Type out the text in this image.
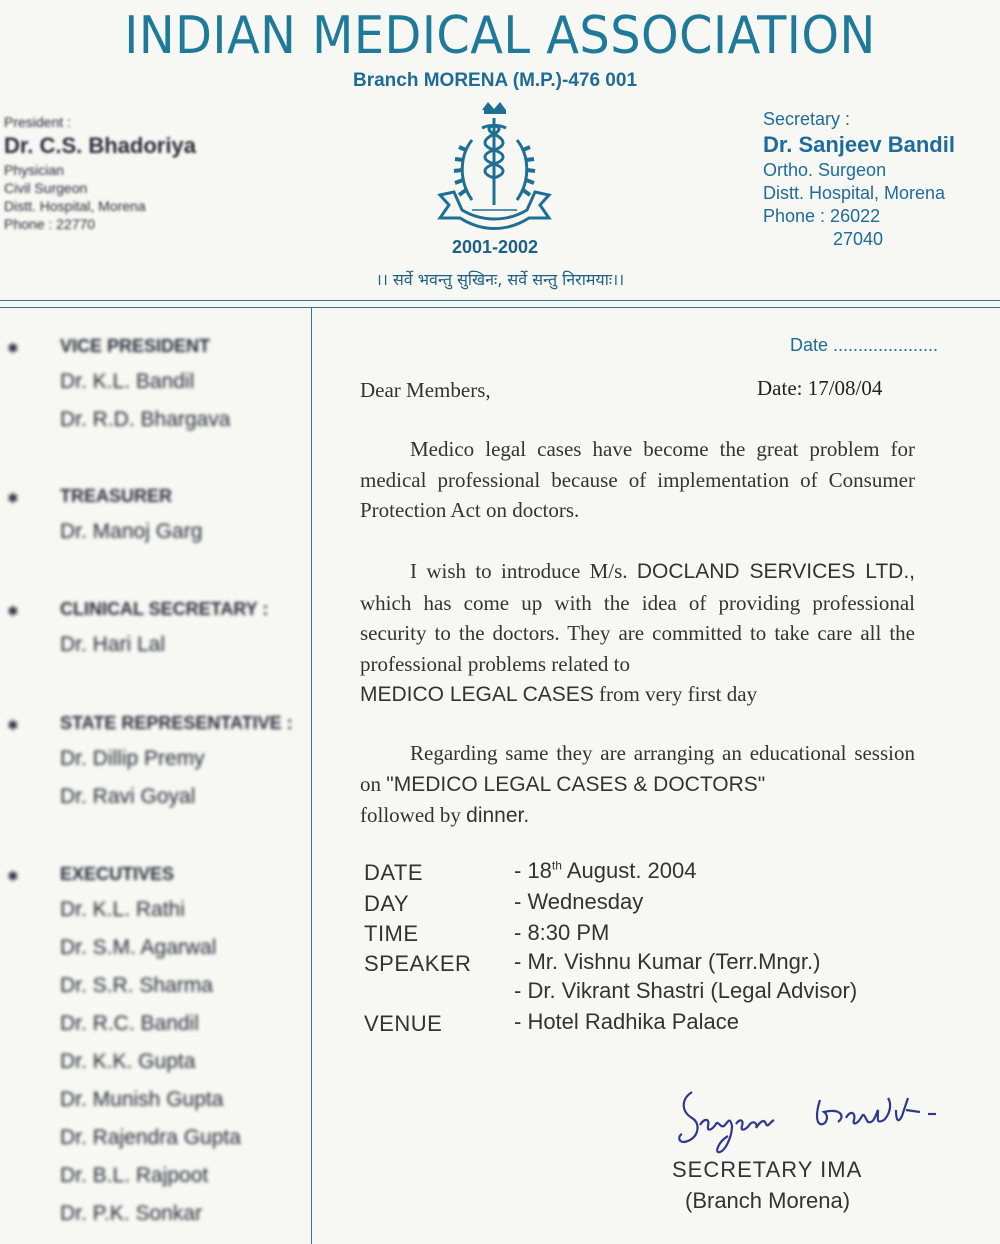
INDIAN MEDICAL ASSOCIATION
Branch MORENA (M.P.)-476 001
President :
Dr. C.S. Bhadoriya
Physician
Civil Surgeon
Distt. Hospital, Morena
Phone : 22770
2001-2002
।। सर्वे भवन्तु सुखिनः, सर्वे सन्तु निरामयाः।।
Secretary :
Dr. Sanjeev Bandil
Ortho. Surgeon
Distt. Hospital, Morena
Phone : 26022
27040
✱ VICE PRESIDENT
Dr. K.L. Bandil
Dr. R.D. Bhargava
✱ TREASURER
Dr. Manoj Garg
✱ CLINICAL SECRETARY :
Dr. Hari Lal
✱ STATE REPRESENTATIVE :
Dr. Dillip Premy
Dr. Ravi Goyal
✱ EXECUTIVES
Dr. K.L. Rathi
Dr. S.M. Agarwal
Dr. S.R. Sharma
Dr. R.C. Bandil
Dr. K.K. Gupta
Dr. Munish Gupta
Dr. Rajendra Gupta
Dr. B.L. Rajpoot
Dr. P.K. Sonkar
Date .....................
Dear Members,	Date: 17/08/04
Medico legal cases have become the great problem for medical professional because of implementation of Consumer Protection Act on doctors.
I wish to introduce M/s. DOCLAND SERVICES LTD., which has come up with the idea of providing professional security to the doctors. They are committed to take care all the professional problems related to
MEDICO LEGAL CASES from very first day
Regarding same they are arranging an educational session on "MEDICO LEGAL CASES & DOCTORS"
followed by dinner.
DATE	- 18th August. 2004
DAY	- Wednesday
TIME	- 8:30 PM
SPEAKER - Mr. Vishnu Kumar (Terr.Mngr.)
- Dr. Vikrant Shastri (Legal Advisor)
VENUE	- Hotel Radhika Palace
SECRETARY IMA
(Branch Morena)
